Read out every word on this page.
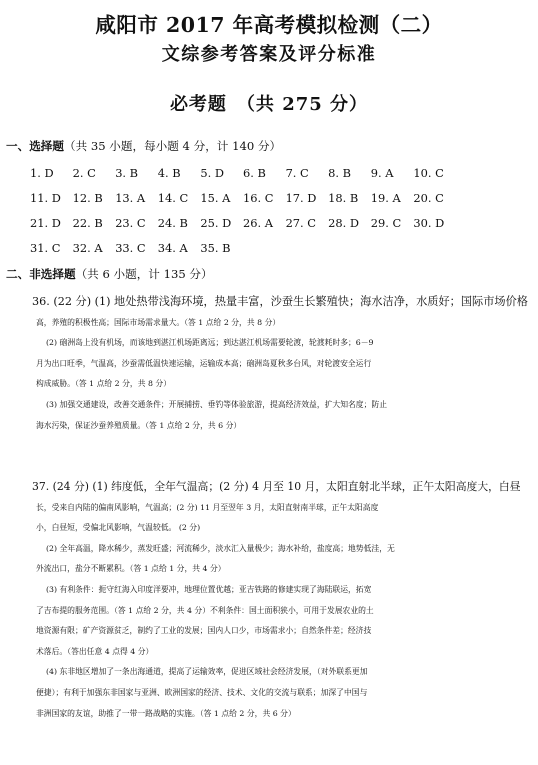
咸阳市 2017 年高考模拟检测（二）
文综参考答案及评分标准
必考题　（共 275 分）
一、选择题（共 35 小题，每小题 4 分，计 140 分）
1. D	2. C	3. B	4. B	5. D	6. B	7. C	8. B	9. A	10. C
11. D	12. B	13. A	14. C	15. A	16. C	17. D	18. B	19. A	20. C
21. D	22. B	23. C	24. B	25. D	26. A	27. C	28. D	29. C	30. D
31. C	32. A	33. C	34. A	35. B
二、非选择题（共 6 小题，计 135 分）
36. (22 分) (1) 地处热带浅海环境，热量丰富，沙蚕生长繁殖快；海水洁净，水质好；国际市场价格
高，养殖的积极性高；国际市场需求量大。（答 1 点给 2 分，共 8 分）
(2) 硇洲岛上没有机场，而该地到湛江机场距离远；到达湛江机场需要轮渡，轮渡耗时多；6－9
月为出口旺季，气温高，沙蚕需低温快速运输，运输成本高；硇洲岛夏秋多台风，对轮渡安全运行
构成威胁。（答 1 点给 2 分，共 8 分）
(3) 加强交通建设，改善交通条件；开展捕捞、垂钓等体验旅游，提高经济效益，扩大知名度；防止
海水污染，保证沙蚕养殖质量。（答 1 点给 2 分，共 6 分）
37. (24 分) (1) 纬度低，全年气温高；(2 分) 4 月至 10 月，太阳直射北半球，正午太阳高度大，白昼
长，受来自内陆的偏南风影响，气温高；(2 分) 11 月至翌年 3 月，太阳直射南半球，正午太阳高度
小，白昼短，受偏北风影响，气温较低。 (2 分)
(2) 全年高温，降水稀少，蒸发旺盛；河流稀少，淡水汇入量极少；海水补给，盐度高；地势低洼，无
外流出口，盐分不断累积。（答 1 点给 1 分，共 4 分）
(3) 有利条件：扼守红海入印度洋要冲，地理位置优越；亚吉铁路的修建实现了海陆联运，拓宽
了吉布提的服务范围。（答 1 点给 2 分，共 4 分）不利条件：国土面积狭小，可用于发展农业的土
地资源有限；矿产资源贫乏，制约了工业的发展；国内人口少，市场需求小；自然条件差；经济技
术落后。（答出任意 4 点得 4 分）
(4) 东非地区增加了一条出海通道，提高了运输效率，促进区域社会经济发展，（对外联系更加
便捷）；有利于加强东非国家与亚洲、欧洲国家的经济、技术、文化的交流与联系；加深了中国与
非洲国家的友谊，助推了一带一路战略的实施。（答 1 点给 2 分，共 6 分）
